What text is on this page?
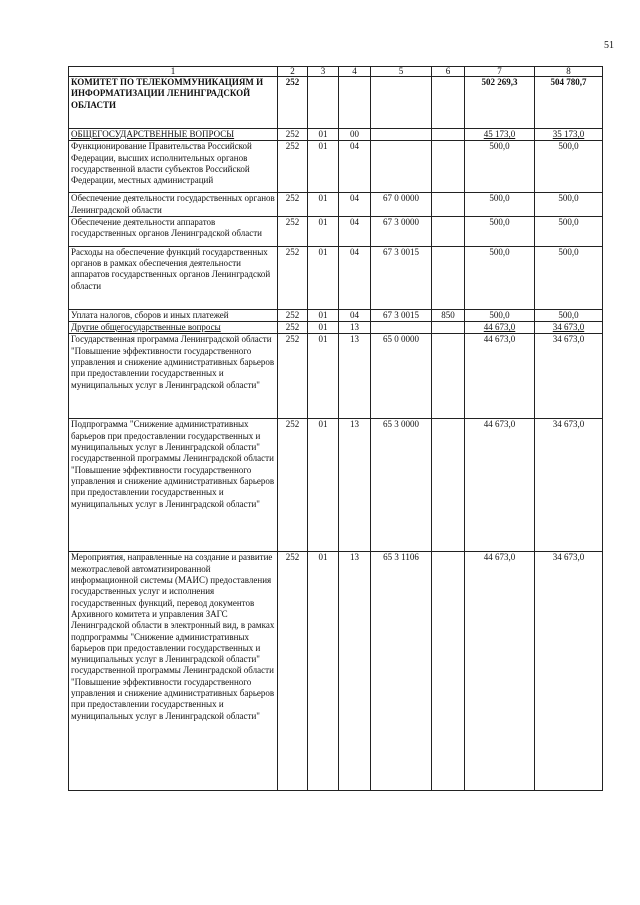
51
1	2	3	4	5	6	7	8
КОМИТЕТ ПО ТЕЛЕКОММУНИКАЦИЯМ И ИНФОРМАТИЗАЦИИ ЛЕНИНГРАДСКОЙ ОБЛАСТИ	252					502 269,3	504 780,7
ОБЩЕГОСУДАРСТВЕННЫЕ ВОПРОСЫ	252	01	00			45 173,0	35 173,0
Функционирование Правительства Российской Федерации, высших исполнительных органов государственной власти субъектов Российской Федерации, местных администраций	252	01	04			500,0	500,0
Обеспечение деятельности государственных органов Ленинградской области	252	01	04	67 0 0000		500,0	500,0
Обеспечение деятельности аппаратов государственных органов Ленинградской области	252	01	04	67 3 0000		500,0	500,0
Расходы на обеспечение функций государственных органов в рамках обеспечения деятельности аппаратов государственных органов Ленинградской области	252	01	04	67 3 0015		500,0	500,0
Уплата налогов, сборов и иных платежей	252	01	04	67 3 0015	850	500,0	500,0
Другие общегосударственные вопросы	252	01	13			44 673,0	34 673,0
Государственная программа Ленинградской области "Повышение эффективности государственного управления и снижение административных барьеров при предоставлении государственных и муниципальных услуг в Ленинградской области"	252	01	13	65 0 0000		44 673,0	34 673,0
Подпрограмма "Снижение административных барьеров при предоставлении государственных и муниципальных услуг в Ленинградской области" государственной программы Ленинградской области "Повышение эффективности государственного управления и снижение административных барьеров при предоставлении государственных и муниципальных услуг в Ленинградской области"	252	01	13	65 3 0000		44 673,0	34 673,0
Мероприятия, направленные на создание и развитие межотраслевой автоматизированной информационной системы (МАИС) предоставления государственных услуг и исполнения государственных функций, перевод документов Архивного комитета и управления ЗАГС Ленинградской области в электронный вид, в рамках подпрограммы "Снижение административных барьеров при предоставлении государственных и муниципальных услуг в Ленинградской области" государственной программы Ленинградской области "Повышение эффективности государственного управления и снижение административных барьеров при предоставлении государственных и муниципальных услуг в Ленинградской области"	252	01	13	65 3 1106		44 673,0	34 673,0
